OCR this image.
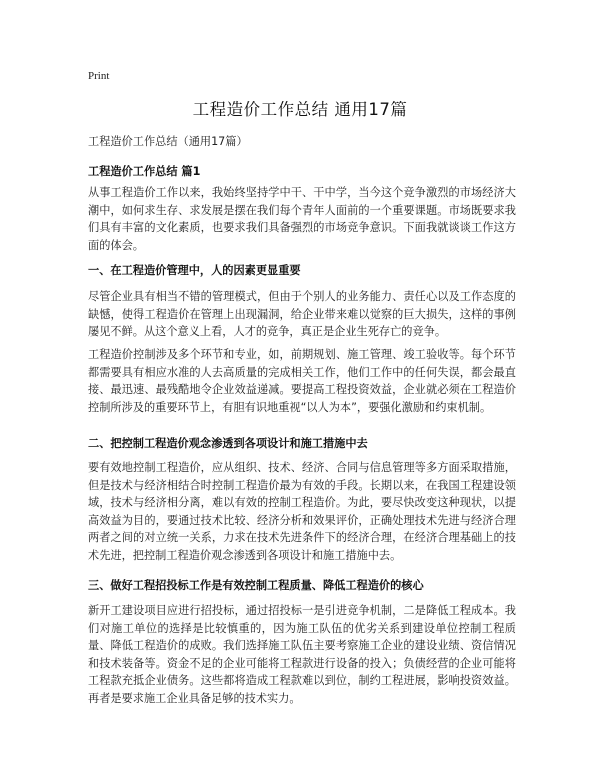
Print
工程造价工作总结 通用17篇
工程造价工作总结（通用17篇）
工程造价工作总结 篇1
从事工程造价工作以来，我始终坚持学中干、干中学，当今这个竞争激烈的市场经济大潮中，如何求生存、求发展是摆在我们每个青年人面前的一个重要课题。市场既要求我们具有丰富的文化素质，也要求我们具备强烈的市场竞争意识。下面我就谈谈工作这方面的体会。
一、在工程造价管理中，人的因素更显重要
尽管企业具有相当不错的管理模式，但由于个别人的业务能力、责任心以及工作态度的缺憾，使得工程造价在管理上出现漏洞，给企业带来难以觉察的巨大损失，这样的事例屡见不鲜。从这个意义上看，人才的竞争，真正是企业生死存亡的竞争。
工程造价控制涉及多个环节和专业，如，前期规划、施工管理、竣工验收等。每个环节都需要具有相应水准的人去高质量的完成相关工作，他们工作中的任何失误，都会最直接、最迅速、最残酷地令企业效益递减。要提高工程投资效益，企业就必须在工程造价控制所涉及的重要环节上，有胆有识地重视“以人为本”，要强化激励和约束机制。
二、把控制工程造价观念渗透到各项设计和施工措施中去
要有效地控制工程造价，应从组织、技术、经济、合同与信息管理等多方面采取措施，但是技术与经济相结合时控制工程造价最为有效的手段。长期以来，在我国工程建设领域，技术与经济相分离，难以有效的控制工程造价。为此，要尽快改变这种现状，以提高效益为目的，要通过技术比较、经济分析和效果评价，正确处理技术先进与经济合理两者之间的对立统一关系，力求在技术先进条件下的经济合理，在经济合理基础上的技术先进，把控制工程造价观念渗透到各项设计和施工措施中去。
三、做好工程招投标工作是有效控制工程质量、降低工程造价的核心
新开工建设项目应进行招投标，通过招投标一是引进竞争机制，二是降低工程成本。我们对施工单位的选择是比较慎重的，因为施工队伍的优劣关系到建设单位控制工程质量、降低工程造价的成败。我们选择施工队伍主要考察施工企业的建设业绩、资信情况和技术装备等。资金不足的企业可能将工程款进行设备的投入；负债经营的企业可能将工程款充抵企业债务。这些都将造成工程款难以到位，制约工程进展，影响投资效益。再者是要求施工企业具备足够的技术实力。
